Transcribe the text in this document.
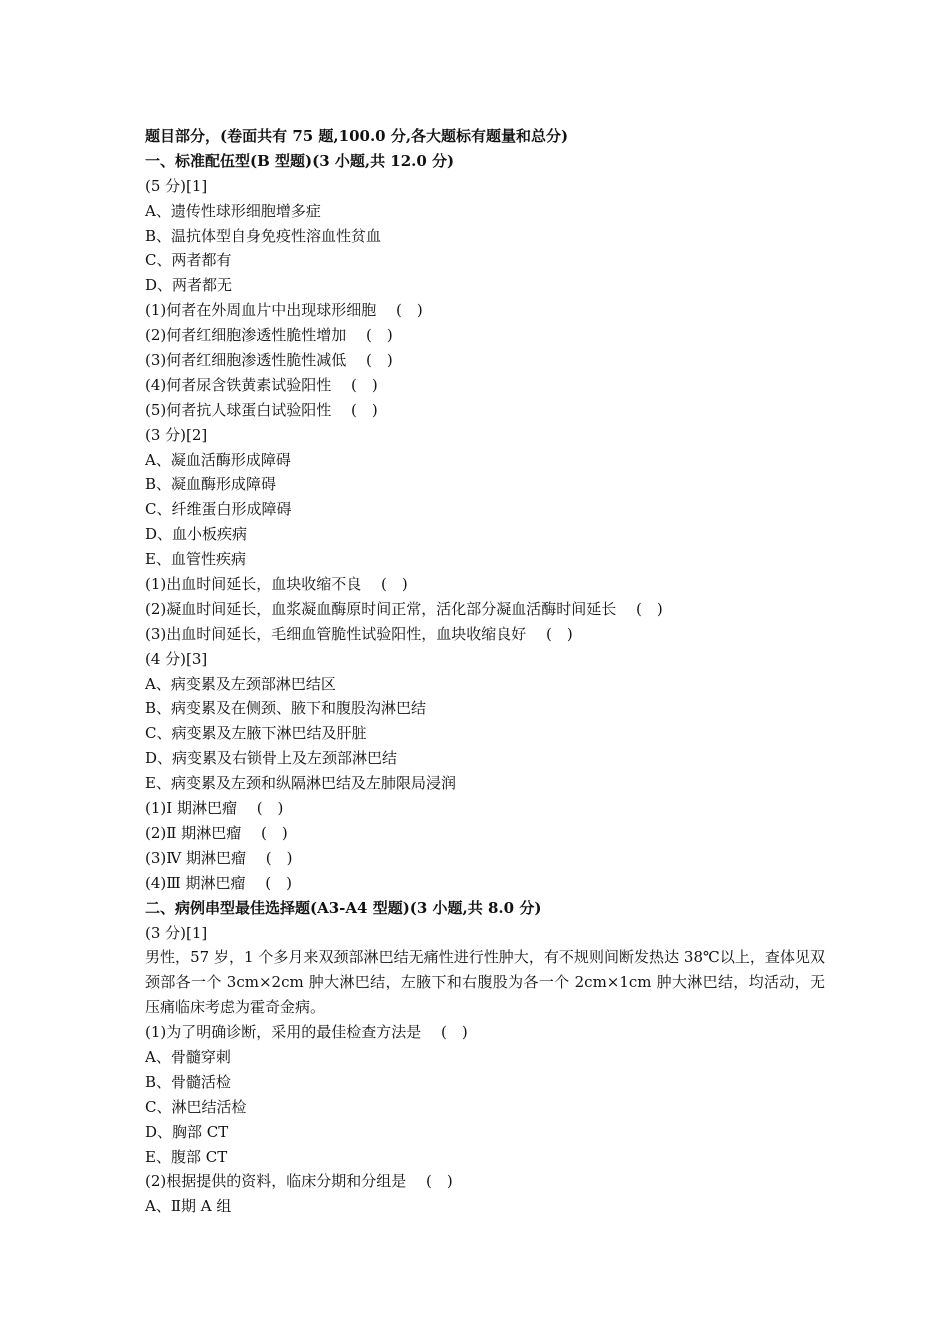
题目部分，(卷面共有 75 题,100.0 分,各大题标有题量和总分)
一、标准配伍型(B 型题)(3 小题,共 12.0 分)
(5 分)[1]
A、遗传性球形细胞增多症
B、温抗体型自身免疫性溶血性贫血
C、两者都有
D、两者都无
(1)何者在外周血片中出现球形细胞　 (　)
(2)何者红细胞渗透性脆性增加　 (　)
(3)何者红细胞渗透性脆性减低　 (　)
(4)何者尿含铁黄素试验阳性　 (　)
(5)何者抗人球蛋白试验阳性　 (　)
(3 分)[2]
A、凝血活酶形成障碍
B、凝血酶形成障碍
C、纤维蛋白形成障碍
D、血小板疾病
E、血管性疾病
(1)出血时间延长，血块收缩不良　 (　)
(2)凝血时间延长，血浆凝血酶原时间正常，活化部分凝血活酶时间延长　 (　)
(3)出血时间延长，毛细血管脆性试验阳性，血块收缩良好　 (　)
(4 分)[3]
A、病变累及左颈部淋巴结区
B、病变累及在侧颈、腋下和腹股沟淋巴结
C、病变累及左腋下淋巴结及肝脏
D、病变累及右锁骨上及左颈部淋巴结
E、病变累及左颈和纵隔淋巴结及左肺限局浸润
(1)Ⅰ 期淋巴瘤　 (　)
(2)Ⅱ 期淋巴瘤　 (　)
(3)Ⅳ 期淋巴瘤　 (　)
(4)Ⅲ 期淋巴瘤　 (　)
二、病例串型最佳选择题(A3-A4 型题)(3 小题,共 8.0 分)
(3 分)[1]
男性，57 岁，1 个多月来双颈部淋巴结无痛性进行性肿大，有不规则间断发热达 38℃以上，查体见双颈部各一个 3cm×2cm 肿大淋巴结，左腋下和右腹股为各一个 2cm×1cm 肿大淋巴结，均活动，无压痛临床考虑为霍奇金病。
(1)为了明确诊断，采用的最佳检查方法是　 (　)
A、骨髓穿刺
B、骨髓活检
C、淋巴结活检
D、胸部 CT
E、腹部 CT
(2)根据提供的资料，临床分期和分组是　 (　)
A、Ⅱ期 A 组
